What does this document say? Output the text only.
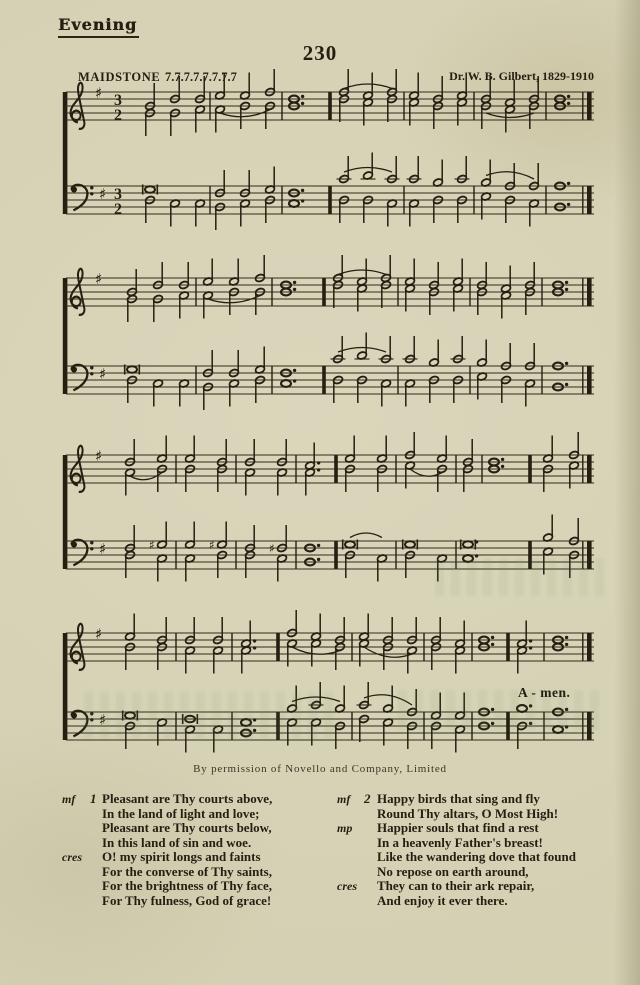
♯ 3
2
♯ 3
2
♯
♯
♯
♯	♯	♯	♯
♯
♯
Evening
230
MAIDSTONE 7.7.7.7.7.7.7.7	Dr. W. B. Gilbert, 1829-1910
A - men.
By permission of Novello and Company, Limited
mf 1 Pleasant are Thy courts above,
In the land of light and love;
Pleasant are Thy courts below,
In this land of sin and woe.
cres O! my spirit longs and faints
For the converse of Thy saints,
For the brightness of Thy face,
For Thy fulness, God of grace!
mf 2 Happy birds that sing and fly
Round Thy altars, O Most High!
mp Happier souls that find a rest
In a heavenly Father's breast!
Like the wandering dove that found
No repose on earth around,
cres They can to their ark repair,
And enjoy it ever there.
